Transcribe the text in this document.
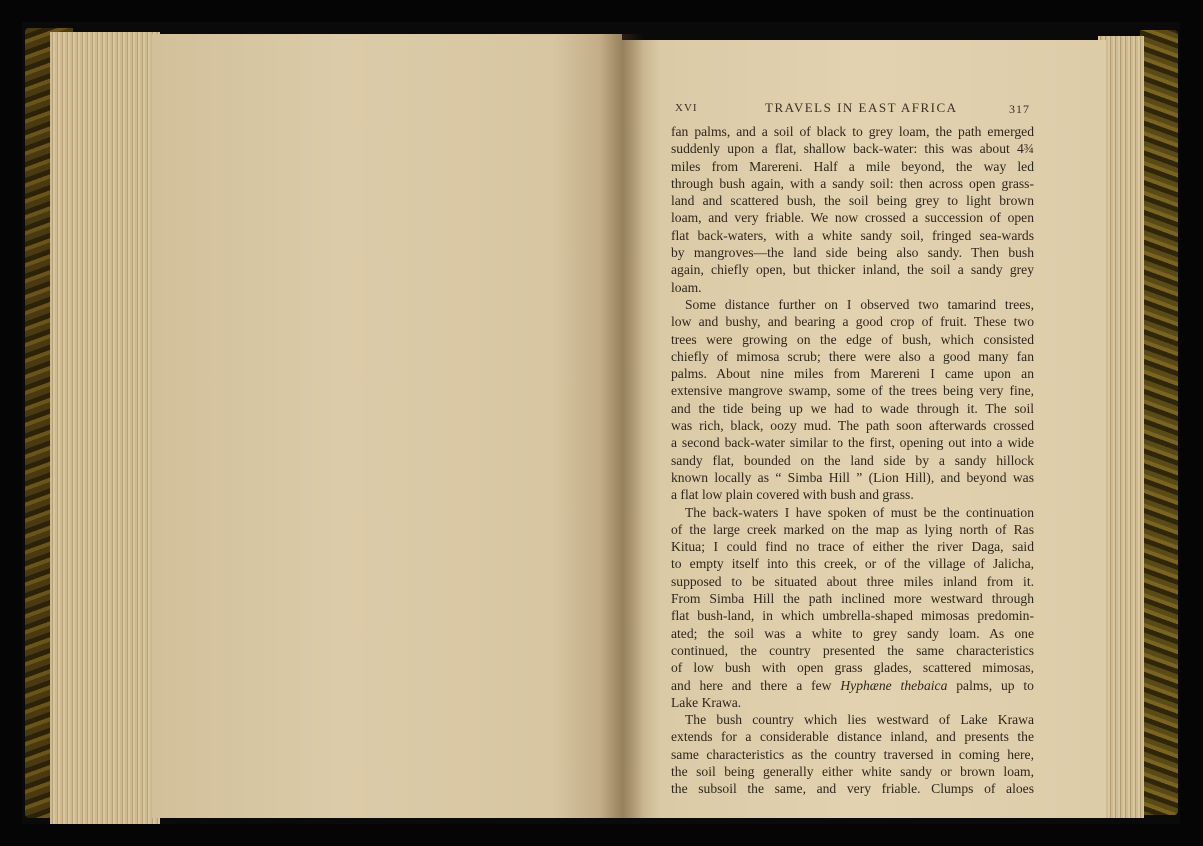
XVI	TRAVELS IN EAST AFRICA	317
fan palms, and a soil of black to grey loam, the path emerged
suddenly upon a flat, shallow back-water: this was about 4¾
miles from Marereni. Half a mile beyond, the way led
through bush again, with a sandy soil: then across open grass-
land and scattered bush, the soil being grey to light brown
loam, and very friable. We now crossed a succession of open
flat back-waters, with a white sandy soil, fringed sea-wards
by mangroves—the land side being also sandy. Then bush
again, chiefly open, but thicker inland, the soil a sandy grey
loam.
Some distance further on I observed two tamarind trees,
low and bushy, and bearing a good crop of fruit. These two
trees were growing on the edge of bush, which consisted
chiefly of mimosa scrub; there were also a good many fan
palms. About nine miles from Marereni I came upon an
extensive mangrove swamp, some of the trees being very fine,
and the tide being up we had to wade through it. The soil
was rich, black, oozy mud. The path soon afterwards crossed
a second back-water similar to the first, opening out into a wide
sandy flat, bounded on the land side by a sandy hillock
known locally as “ Simba Hill ” (Lion Hill), and beyond was
a flat low plain covered with bush and grass.
The back-waters I have spoken of must be the continuation
of the large creek marked on the map as lying north of Ras
Kitua; I could find no trace of either the river Daga, said
to empty itself into this creek, or of the village of Jalicha,
supposed to be situated about three miles inland from it.
From Simba Hill the path inclined more westward through
flat bush-land, in which umbrella-shaped mimosas predomin-
ated; the soil was a white to grey sandy loam. As one
continued, the country presented the same characteristics
of low bush with open grass glades, scattered mimosas,
and here and there a few Hyphæne thebaica palms, up to
Lake Krawa.
The bush country which lies westward of Lake Krawa
extends for a considerable distance inland, and presents the
same characteristics as the country traversed in coming here,
the soil being generally either white sandy or brown loam,
the subsoil the same, and very friable. Clumps of aloes
